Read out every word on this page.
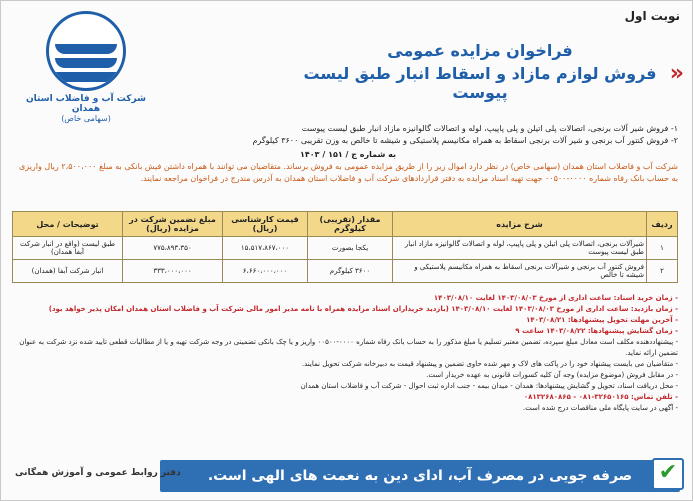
نوبت اول
شرکت آب و فاضلاب استان همدان
(سهامی خاص)
«
فراخوان مزایده عمومی
فروش لوازم مازاد و اسقاط انبار طبق لیست پیوست
۱- فروش شیر آلات برنجی، اتصالات پلی اتیلن و پلی پاپیپ، لوله و اتصالات گالوانیزه مازاد انبار طبق لیست پیوست
۲- فروش کنتور آب برنجی و شیر آلات برنجی اسقاط به همراه مکانیسم پلاستیکی و شیشه تا خالص به وزن تقریبی ۳۶۰۰ کیلوگرم
به شماره ج / ۱۵۱ / ۱۴۰۳
شرکت آب و فاضلاب استان همدان (سهامی خاص) در نظر دارد اموال زیر را از طریق مزایده عمومی به فروش برساند. متقاضیان می توانند با همراه داشتن فیش بانکی به مبلغ ۲،۵۰۰،۰۰۰ ریال واریزی به حساب بانک رفاه شماره ۰۰۰۰-۰۰۵۰۰ جهت تهیه اسناد مزایده به دفتر قراردادهای شرکت آب و فاضلاب استان همدان به آدرس مندرج در فراخوان مراجعه نمایند.
ردیف	شرح مزایده	مقدار (تقریبی) کیلوگرم	قیمت کارشناسی (ریال)	مبلغ تضمین شرکت در مزایده (ریال)	توضیحات / محل
۱	شیرآلات برنجی، اتصالات پلی اتیلن و پلی پاپیپ، لوله و اتصالات گالوانیزه مازاد انبار طبق لیست پیوست	یکجا بصورت	۱۵،۵۱۷،۸۶۷،۰۰۰	۷۷۵،۸۹۳،۳۵۰	طبق لیست (واقع در انبار شرکت آبفا همدان)
۲	فروش کنتور آب برنجی و شیرآلات برنجی اسقاط به همراه مکانیسم پلاستیکی و شیشه تا خالص	۳۶۰۰ کیلوگرم	۶،۶۶۰،۰۰۰،۰۰۰	۳۳۳،۰۰۰،۰۰۰	انبار شرکت آبفا (همدان)
- زمان خرید اسناد: ساعت اداری از مورخ ۱۴۰۳/۰۸/۰۳ لغایت ۱۴۰۳/۰۸/۱۰
- زمان بازدید: ساعت اداری از مورخ ۱۴۰۳/۰۸/۰۳ لغایت ۱۴۰۳/۰۸/۱۰ (بازدید خریداران اسناد مزایده همراه با نامه مدیر امور مالی شرکت آب و فاضلاب استان همدان امکان پذیر خواهد بود)
- آخرین مهلت تحویل پیشنهادها: ۱۴۰۳/۰۸/۲۱
- زمان گشایش پیشنهادها: ۱۴۰۳/۰۸/۲۲ ساعت ۹
- پیشنهاددهنده مکلف است معادل مبلغ سپرده، تضمین معتبر تسلیم یا مبلغ مذکور را به حساب بانک رفاه شماره ۰۰۰۰-۰۰۵۰۰ واریز و یا چک بانکی تضمینی در وجه شرکت تهیه و یا از مطالبات قطعی تایید شده نزد شرکت به عنوان تضمین ارائه نماید.
- متقاضیان می بایست پیشنهاد خود را در پاکت های لاک و مهر شده حاوی تضمین و پیشنهاد قیمت به دبیرخانه شرکت تحویل نمایند.
- در مقابل فروش (موضوع مزایده) وجه آن کلیه کسورات قانونی به عهده خریدار است.
- محل دریافت اسناد، تحویل و گشایش پیشنهادها: همدان - میدان بیمه - جنب اداره ثبت احوال - شرکت آب و فاضلاب استان همدان
- تلفن تماس: ۳۲۶۵۰۱۶۵-۰۸۱ - ۰۸۱۳۲۶۸۰۸۶۵
- آگهی در سایت پایگاه ملی مناقصات درج شده است.
صرفه جویی در مصرف آب، ادای دین به نعمت های الهی است.	✔
دفتر روابط عمومی و آموزش همگانی
